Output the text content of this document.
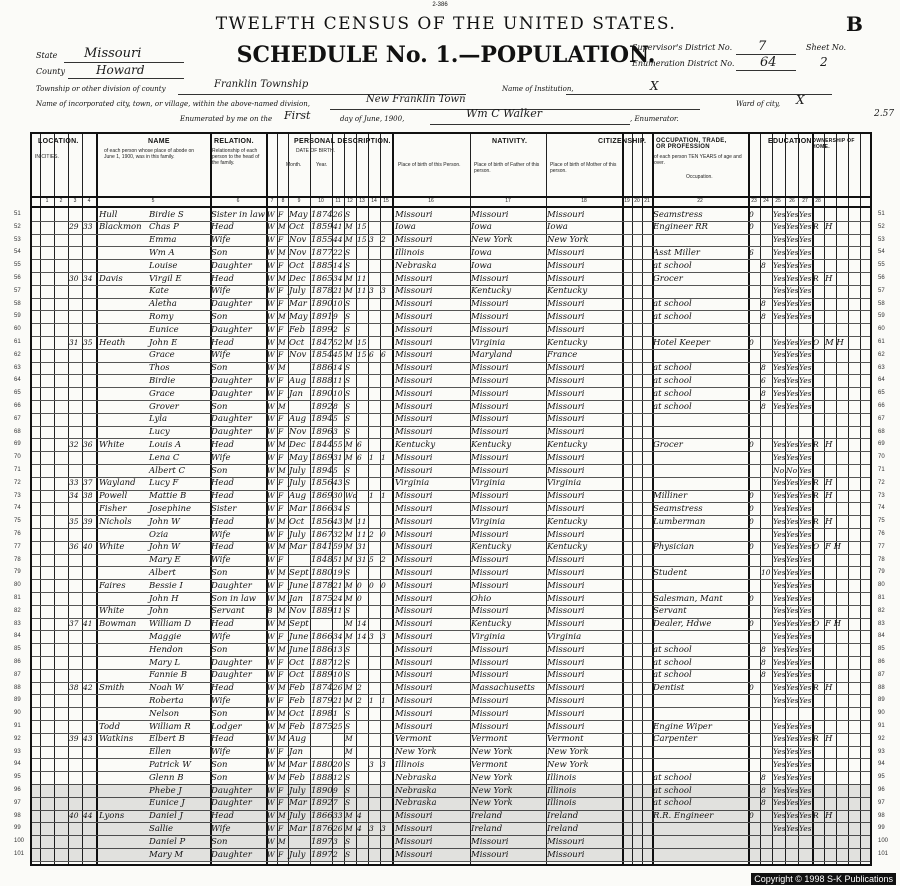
2-386
TWELFTH CENSUS OF THE UNITED STATES.	B
SCHEDULE No. 1.—POPULATION.
State Missouri
County	Howard
Supervisor's District No. 7
Enumeration District No. 64
Sheet No.
2
Township or other division of county	Franklin Township	Name of Institution,	X
Name of incorporated city, town, or village, within the above-named division,	New Franklin Town	Ward of city, X
Enumerated by me on the First	day of June, 1900,	Wm C Walker	, Enumerator.	2.57
LOCATION.
IN CITIES.
NAME
of each person whose place of abode on June 1, 1900, was in this family.
RELATION.
Relationship of each person to the head of the family.
PERSONAL DESCRIPTION.
DATE OF BIRTH.
Month.	Year.
NATIVITY.
Place of birth of this Person.	Place of birth of Father of this person.
Place of birth of Mother of this person.
CITIZENSHIP. OCCUPATION, TRADE, OR PROFESSION
of each person TEN YEARS of age and over.
Occupation.
EDUCATION.
OWNERSHIP OF HOME.
1 2 3 4	5	6	7 8	9	10 11 12 13 14 15	16	17	18	19 20 21	22	23 24 25 26 27 28
51	51
Hull	Birdie S	Sister in law W F May 1874 26 S	Missouri	Missouri	Missouri	Seamstress	0	Yes Yes Yes
52	52
29 33 Blackmon Chas P	Head	W M Oct 1859 41 M 15	Iowa	Iowa	Iowa	Engineer RR	0	Yes Yes Yes R H
53	53
Emma	Wife	W F Nov 1855 44 M 15 3 2	Missouri	New York	New York	Yes Yes Yes
54	54
Wm A	Son	W M Nov 1877 22 S	Illinois	Iowa	Missouri	Asst Miller	6	Yes Yes Yes
55	55
Louise	Daughter	W F Oct 1885 14 S	Nebraska	Iowa	Missouri	at school	8 Yes Yes Yes
56	56
30 34 Davis	Virgil E	Head	W M Dec 1865 34 M 11	Missouri	Missouri	Missouri	Grocer	Yes Yes Yes R H
57	57
Kate	Wife	W F July 1878 21 M 11 3 3	Missouri	Kentucky	Kentucky	Yes Yes Yes
58	58
Aletha	Daughter	W F Mar 1890 10 S	Missouri	Missouri	Missouri	at school	8 Yes Yes Yes
59	59
Romy	Son	W M May 1891 9 S	Missouri	Missouri	Missouri	at school	8 Yes Yes Yes
60	60
Eunice	Daughter	W F Feb 1899 2 S	Missouri	Missouri	Missouri
61	61
31 35 Heath	John E	Head	W M Oct 1847 52 M 15	Missouri	Virginia	Kentucky	Hotel Keeper	0	Yes Yes Yes O M H
62	62
Grace	Wife	W F Nov 1854 45 M 15 6 6	Missouri	Maryland	France	Yes Yes Yes
63	63
Thos	Son	W M	1886 14 S	Missouri	Missouri	Missouri	at school	8 Yes Yes Yes
64	64
Birdie	Daughter	W F Aug 1888 11 S	Missouri	Missouri	Missouri	at school	6 Yes Yes Yes
65	65
Grace	Daughter	W F Jan 1890 10 S	Missouri	Missouri	Missouri	at school	8 Yes Yes Yes
66	66
Grover	Son	W M	1892 8 S	Missouri	Missouri	Missouri	at school	8 Yes Yes Yes
67	67
Lyla	Daughter	W F Aug 1894 5 S	Missouri	Missouri	Missouri
68	68
Lucy	Daughter	W F Nov 1896 3 S	Missouri	Missouri	Missouri
69	69
32 36 White	Louis A	Head	W M Dec 1844 55 M 6	Kentucky	Kentucky	Kentucky	Grocer	0	Yes Yes Yes R H
70	70
Lena C	Wife	W F May 1869 31 M 6 1 1	Missouri	Missouri	Missouri	Yes Yes Yes
71	71
Albert C	Son	W M July 1894 5 S	Missouri	Missouri	Missouri	No No Yes
72	72
33 37 Wayland	Lucy F	Head	W F July 1856 43 S	Virginia	Virginia	Virginia	Yes Yes Yes R H
73	73
34 38 Powell	Mattie B	Head	W F Aug 1869 30 Wd 1 1	Missouri	Missouri	Missouri	Milliner	0	Yes Yes Yes R H
74	74
Fisher	Josephine	Sister	W F Mar 1866 34 S	Missouri	Missouri	Missouri	Seamstress	0	Yes Yes Yes
75	75
35 39 Nichols	John W	Head	W M Oct 1856 43 M 11	Missouri	Virginia	Kentucky	Lumberman	0	Yes Yes Yes R H
76	76
Ozia	Wife	W F July 1867 32 M 11 2 0	Missouri	Missouri	Missouri	Yes Yes Yes
77	77
36 40 White	John W	Head	W M Mar 1841 59 M 31	Missouri	Kentucky	Kentucky	Physician	0	Yes Yes Yes O F H
78	78
Mary E	Wife	W F	1848 51 M 31 5 2	Missouri	Missouri	Missouri	Yes Yes Yes
79	79
Albert	Son	W M Sept 1880 19 S	Missouri	Missouri	Missouri	Student	10 Yes Yes Yes
80	80
Faires	Bessie I	Daughter	W F June 1878 21 M 0 0 0	Missouri	Missouri	Missouri	Yes Yes Yes
81	81
John H	Son in law	W M Jan 1875 24 M 0	Missouri	Ohio	Missouri	Salesman, Mant	0	Yes Yes Yes
82	82
White	John	Servant	B M Nov 1889 11 S	Missouri	Missouri	Missouri	Servant	Yes Yes Yes
83	83
37 41 Bowman	William D	Head	W M Sept	M 14	Missouri	Kentucky	Missouri	Dealer, Hdwe	0	Yes Yes Yes O F H
84	84
Maggie	Wife	W F June 1866 34 M 14 3 3	Missouri	Virginia	Virginia	Yes Yes Yes
85	85
Hendon	Son	W M June 1886 13 S	Missouri	Missouri	Missouri	at school	8 Yes Yes Yes
86	86
Mary L	Daughter	W F Oct 1887 12 S	Missouri	Missouri	Missouri	at school	8 Yes Yes Yes
87	87
Fannie B	Daughter	W F Oct 1889 10 S	Missouri	Missouri	Missouri	at school	8 Yes Yes Yes
88	88
38 42 Smith	Noah W	Head	W M Feb 1874 26 M 2	Missouri	Massachusetts	Missouri	Dentist	0	Yes Yes Yes R H
89	89
Roberta	Wife	W F Feb 1879 21 M 2 1 1	Missouri	Missouri	Missouri	Yes Yes Yes
90	90
Nelson	Son	W M Oct 1898 1 S	Missouri	Missouri	Missouri
91	91
Todd	William R	Lodger	W M Feb 1875 25 S	Missouri	Missouri	Missouri	Engine Wiper	Yes Yes Yes
92	92
39 43 Watkins	Elbert B	Head	W M Aug	M	Vermont	Vermont	Vermont	Carpenter	Yes Yes Yes R H
93	93
Ellen	Wife	W F Jan	M	New York	New York	New York	Yes Yes Yes
94	94
Patrick W	Son	W M Mar 1880 20 S	3 3	Illinois	Vermont	New York	Yes Yes Yes
95	95
Glenn B	Son	W M Feb 1888 12 S	Nebraska	New York	Illinois	at school	8 Yes Yes Yes
96	96
Phebe J	Daughter	W F July 1890 9 S	Nebraska	New York	Illinois	at school	8 Yes Yes Yes
97	97
Eunice J	Daughter	W F Mar 1892 7 S	Nebraska	New York	Illinois	at school	8 Yes Yes Yes
98	98
40 44 Lyons	Daniel J	Head	W M July 1866 33 M 4	Missouri	Ireland	Ireland	R.R. Engineer	0	Yes Yes Yes R H
99	99
Sallie	Wife	W F Mar 1876 26 M 4 3 3	Missouri	Ireland	Ireland	Yes Yes Yes
100	100
Daniel P	Son	W M	1897 3 S	Missouri	Missouri	Missouri
101	101
Mary M	Daughter	W F July 1897 2 S	Missouri	Missouri	Missouri
Copyright © 1998 S-K Publications
